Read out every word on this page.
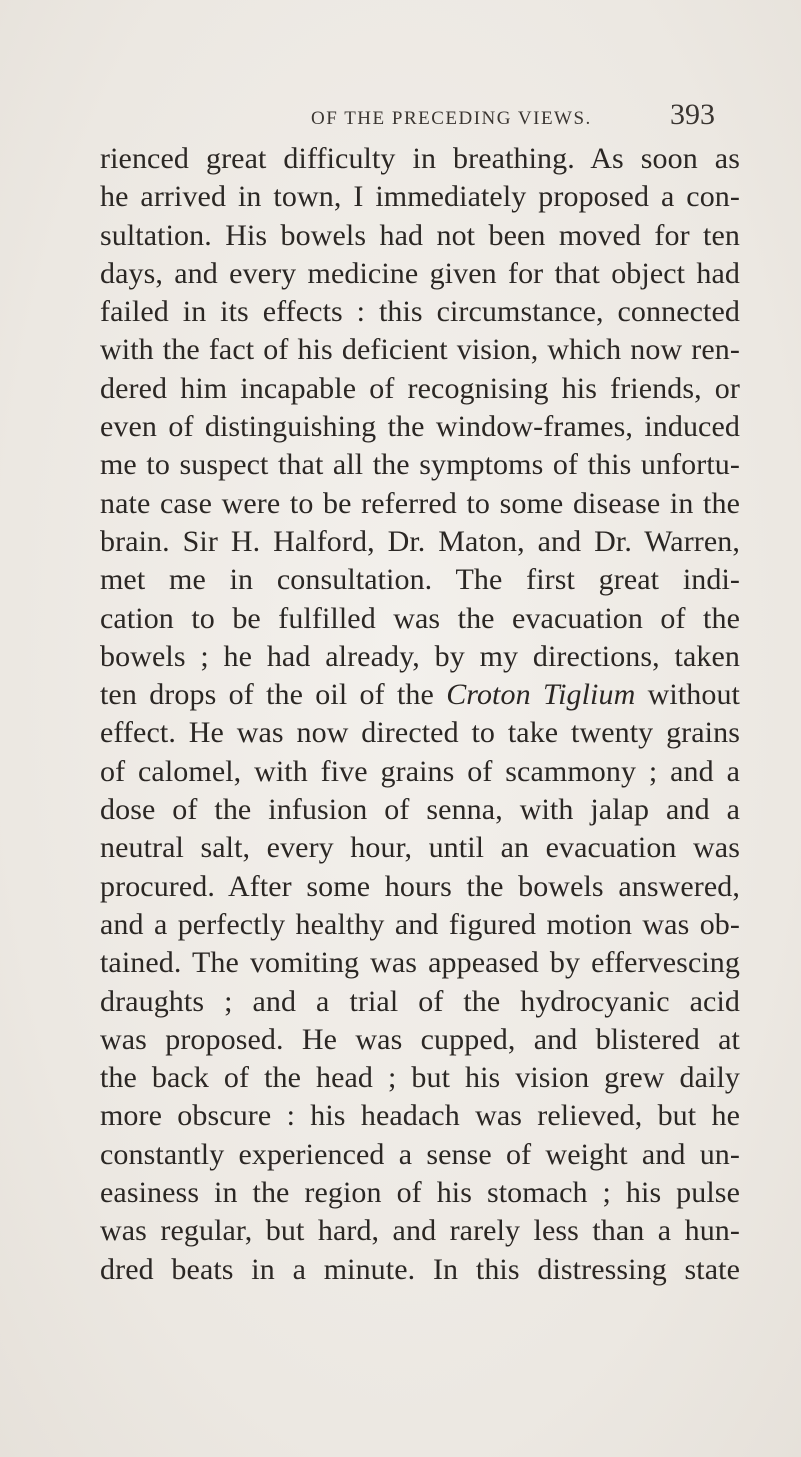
OF THE PRECEDING VIEWS.	393
rienced great difficulty in breathing. As soon as
he arrived in town, I immediately proposed a con-
sultation. His bowels had not been moved for ten
days, and every medicine given for that object had
failed in its effects : this circumstance, connected
with the fact of his deficient vision, which now ren-
dered him incapable of recognising his friends, or
even of distinguishing the window-frames, induced
me to suspect that all the symptoms of this unfortu-
nate case were to be referred to some disease in the
brain. Sir H. Halford, Dr. Maton, and Dr. Warren,
met me in consultation. The first great indi-
cation to be fulfilled was the evacuation of the
bowels ; he had already, by my directions, taken
ten drops of the oil of the Croton Tiglium without
effect. He was now directed to take twenty grains
of calomel, with five grains of scammony ; and a
dose of the infusion of senna, with jalap and a
neutral salt, every hour, until an evacuation was
procured. After some hours the bowels answered,
and a perfectly healthy and figured motion was ob-
tained. The vomiting was appeased by effervescing
draughts ; and a trial of the hydrocyanic acid
was proposed. He was cupped, and blistered at
the back of the head ; but his vision grew daily
more obscure : his headach was relieved, but he
constantly experienced a sense of weight and un-
easiness in the region of his stomach ; his pulse
was regular, but hard, and rarely less than a hun-
dred beats in a minute. In this distressing state
